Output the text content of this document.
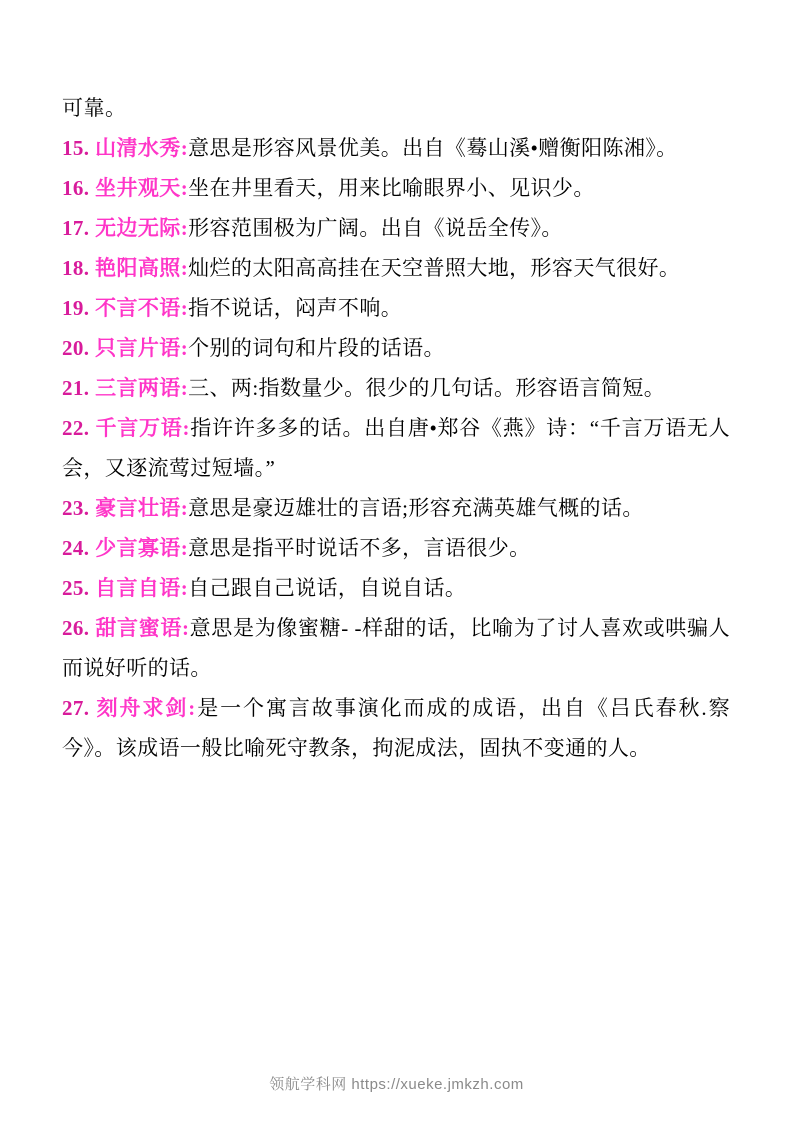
可靠。
15. 山清水秀:意思是形容风景优美。出自《蓦山溪•赠衡阳陈湘》。
16. 坐井观天:坐在井里看天，用来比喻眼界小、见识少。
17. 无边无际:形容范围极为广阔。出自《说岳全传》。
18. 艳阳高照:灿烂的太阳高高挂在天空普照大地，形容天气很好。
19. 不言不语:指不说话，闷声不响。
20. 只言片语:个别的词句和片段的话语。
21. 三言两语:三、两:指数量少。很少的几句话。形容语言简短。
22. 千言万语:指许许多多的话。出自唐•郑谷《燕》诗：“千言万语无人会，又逐流莺过短墙。”
23. 豪言壮语:意思是豪迈雄壮的言语;形容充满英雄气概的话。
24. 少言寡语:意思是指平时说话不多，言语很少。
25. 自言自语:自己跟自己说话，自说自话。
26. 甜言蜜语:意思是为像蜜糖- -样甜的话，比喻为了讨人喜欢或哄骗人而说好听的话。
27. 刻舟求剑:是一个寓言故事演化而成的成语，出自《吕氏春秋.察今》。该成语一般比喻死守教条，拘泥成法，固执不变通的人。
领航学科网 https://xueke.jmkzh.com
